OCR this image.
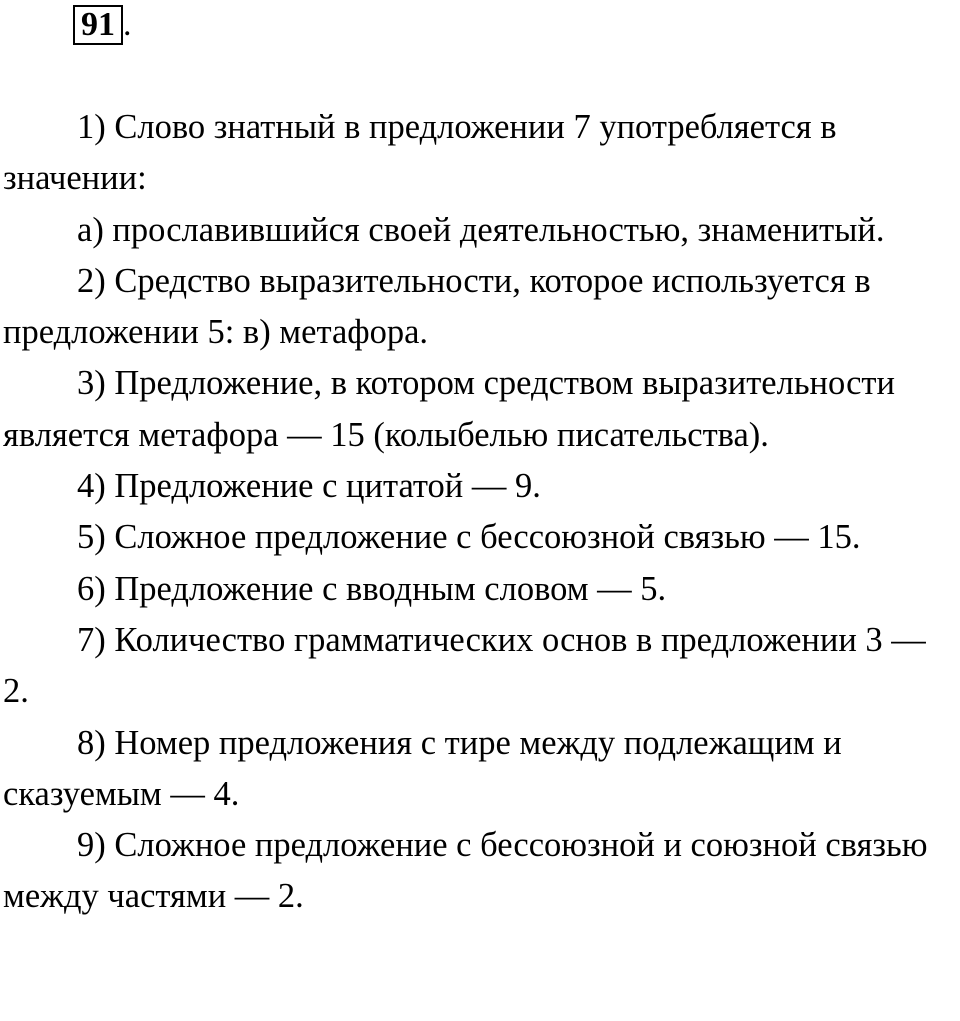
91 .

1) Слово знатный в предложении 7 употребляется в значении:

а) прославившийся своей деятельностью, знаменитый.

2) Средство выразительности, которое используется в предложении 5: в) метафора.

3) Предложение, в котором средством выразительности является метафора — 15 (колыбелью писательства).

4) Предложение с цитатой — 9.

5) Сложное предложение с бессоюзной связью — 15.

6) Предложение с вводным словом — 5.

7) Количество грамматических основ в предложении 3 — 2.

8) Номер предложения с тире между подлежащим и сказуемым — 4.

9) Сложное предложение с бессоюзной и союзной связью между частями — 2.
